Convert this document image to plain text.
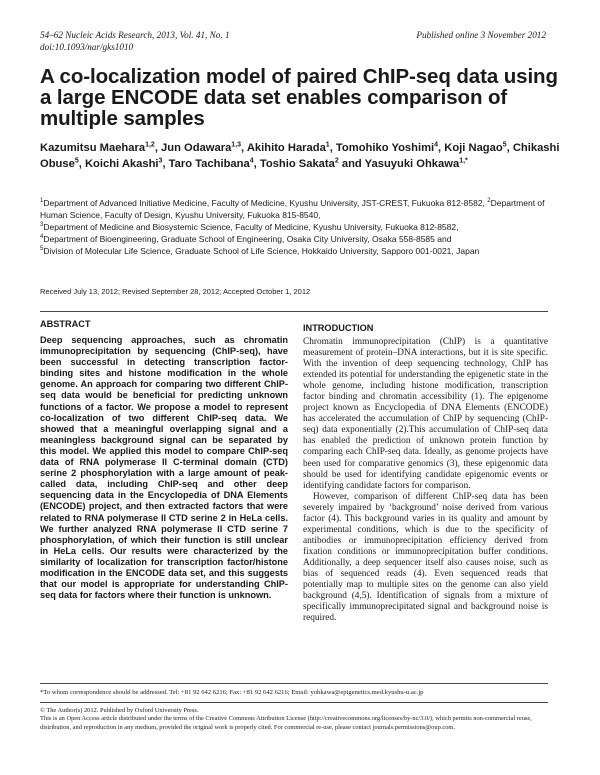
54–62 Nucleic Acids Research, 2013, Vol. 41, No. 1
doi:10.1093/nar/gks1010
Published online 3 November 2012
A co-localization model of paired ChIP-seq data using a large ENCODE data set enables comparison of multiple samples
Kazumitsu Maehara$^{1,2}$, Jun Odawara$^{1,3}$, Akihito Harada$^1$, Tomohiko Yoshimi$^4$, Koji Nagao$^5$, Chikashi Obuse$^5$, Koichi Akashi$^3$, Taro Tachibana$^4$, Toshio Sakata$^2$ and Yasuyuki Ohkawa$^{1,*}$
$^1$Department of Advanced Initiative Medicine, Faculty of Medicine, Kyushu University, JST-CREST, Fukuoka 812-8582, $^2$Department of Human Science, Faculty of Design, Kyushu University, Fukuoka 815-8540,
$^3$Department of Medicine and Biosystemic Science, Faculty of Medicine, Kyushu University, Fukuoka 812-8582,
$^4$Department of Bioengineering, Graduate School of Engineering, Osaka City University, Osaka 558-8585 and
$^5$Division of Molecular Life Science, Graduate School of Life Science, Hokkaido University, Sapporo 001-0021, Japan
Received July 13, 2012; Revised September 28, 2012; Accepted October 1, 2012
ABSTRACT
Deep sequencing approaches, such as chromatin immunoprecipitation by sequencing (ChIP-seq), have been successful in detecting transcription factor-binding sites and histone modification in the whole genome. An approach for comparing two different ChIP-seq data would be beneficial for predicting unknown functions of a factor. We propose a model to represent co-localization of two different ChIP-seq data. We showed that a meaningful overlapping signal and a meaningless background signal can be separated by this model. We applied this model to compare ChIP-seq data of RNA polymerase II C-terminal domain (CTD) serine 2 phosphorylation with a large amount of peak-called data, including ChIP-seq and other deep sequencing data in the Encyclopedia of DNA Elements (ENCODE) project, and then extracted factors that were related to RNA polymerase II CTD serine 2 in HeLa cells. We further analyzed RNA polymerase II CTD serine 7 phosphorylation, of which their function is still unclear in HeLa cells. Our results were characterized by the similarity of localization for transcription factor/histone modification in the ENCODE data set, and this suggests that our model is appropriate for understanding ChIP-seq data for factors where their function is unknown.
INTRODUCTION

Chromatin immunoprecipitation (ChIP) is a quantitative measurement of protein–DNA interactions, but it is site specific. With the invention of deep sequencing technology, ChIP has extended its potential for understanding the epigenetic state in the whole genome, including histone modification, transcription factor binding and chromatin accessibility (1). The epigenome project known as Encyclopedia of DNA Elements (ENCODE) has accelerated the accumulation of ChIP by sequencing (ChIP-seq) data exponentially (2).This accumulation of ChIP-seq data has enabled the prediction of unknown protein function by comparing each ChIP-seq data. Ideally, as genome projects have been used for comparative genomics (3), these epigenomic data should be used for identifying candidate epigenomic events or identifying candidate factors for comparison.

However, comparison of different ChIP-seq data has been severely impaired by ‘background’ noise derived from various factor (4). This background varies in its quality and amount by experimental conditions, which is due to the specificity of antibodies or immunoprecipitation efficiency derived from fixation conditions or immunoprecipitation buffer conditions. Additionally, a deep sequencer itself also causes noise, such as bias of sequenced reads (4). Even sequenced reads that potentially map to multiple sites on the genome can also yield background (4,5). Identification of signals from a mixture of specifically immunoprecipitated signal and background noise is required.

*To whom correspondence should be addressed. Tel: +81 92 642 6216; Fax: +81 92 642 6216; Email: yohkawa@epigenetics.med.kyushu-u.ac.jp
© The Author(s) 2012. Published by Oxford University Press.
This is an Open Access article distributed under the terms of the Creative Commons Attribution License (http://creativecommons.org/licenses/by-nc/3.0/), which permits non-commercial reuse, distribution, and reproduction in any medium, provided the original work is properly cited. For commercial re-use, please contact journals.permissions@oup.com.
